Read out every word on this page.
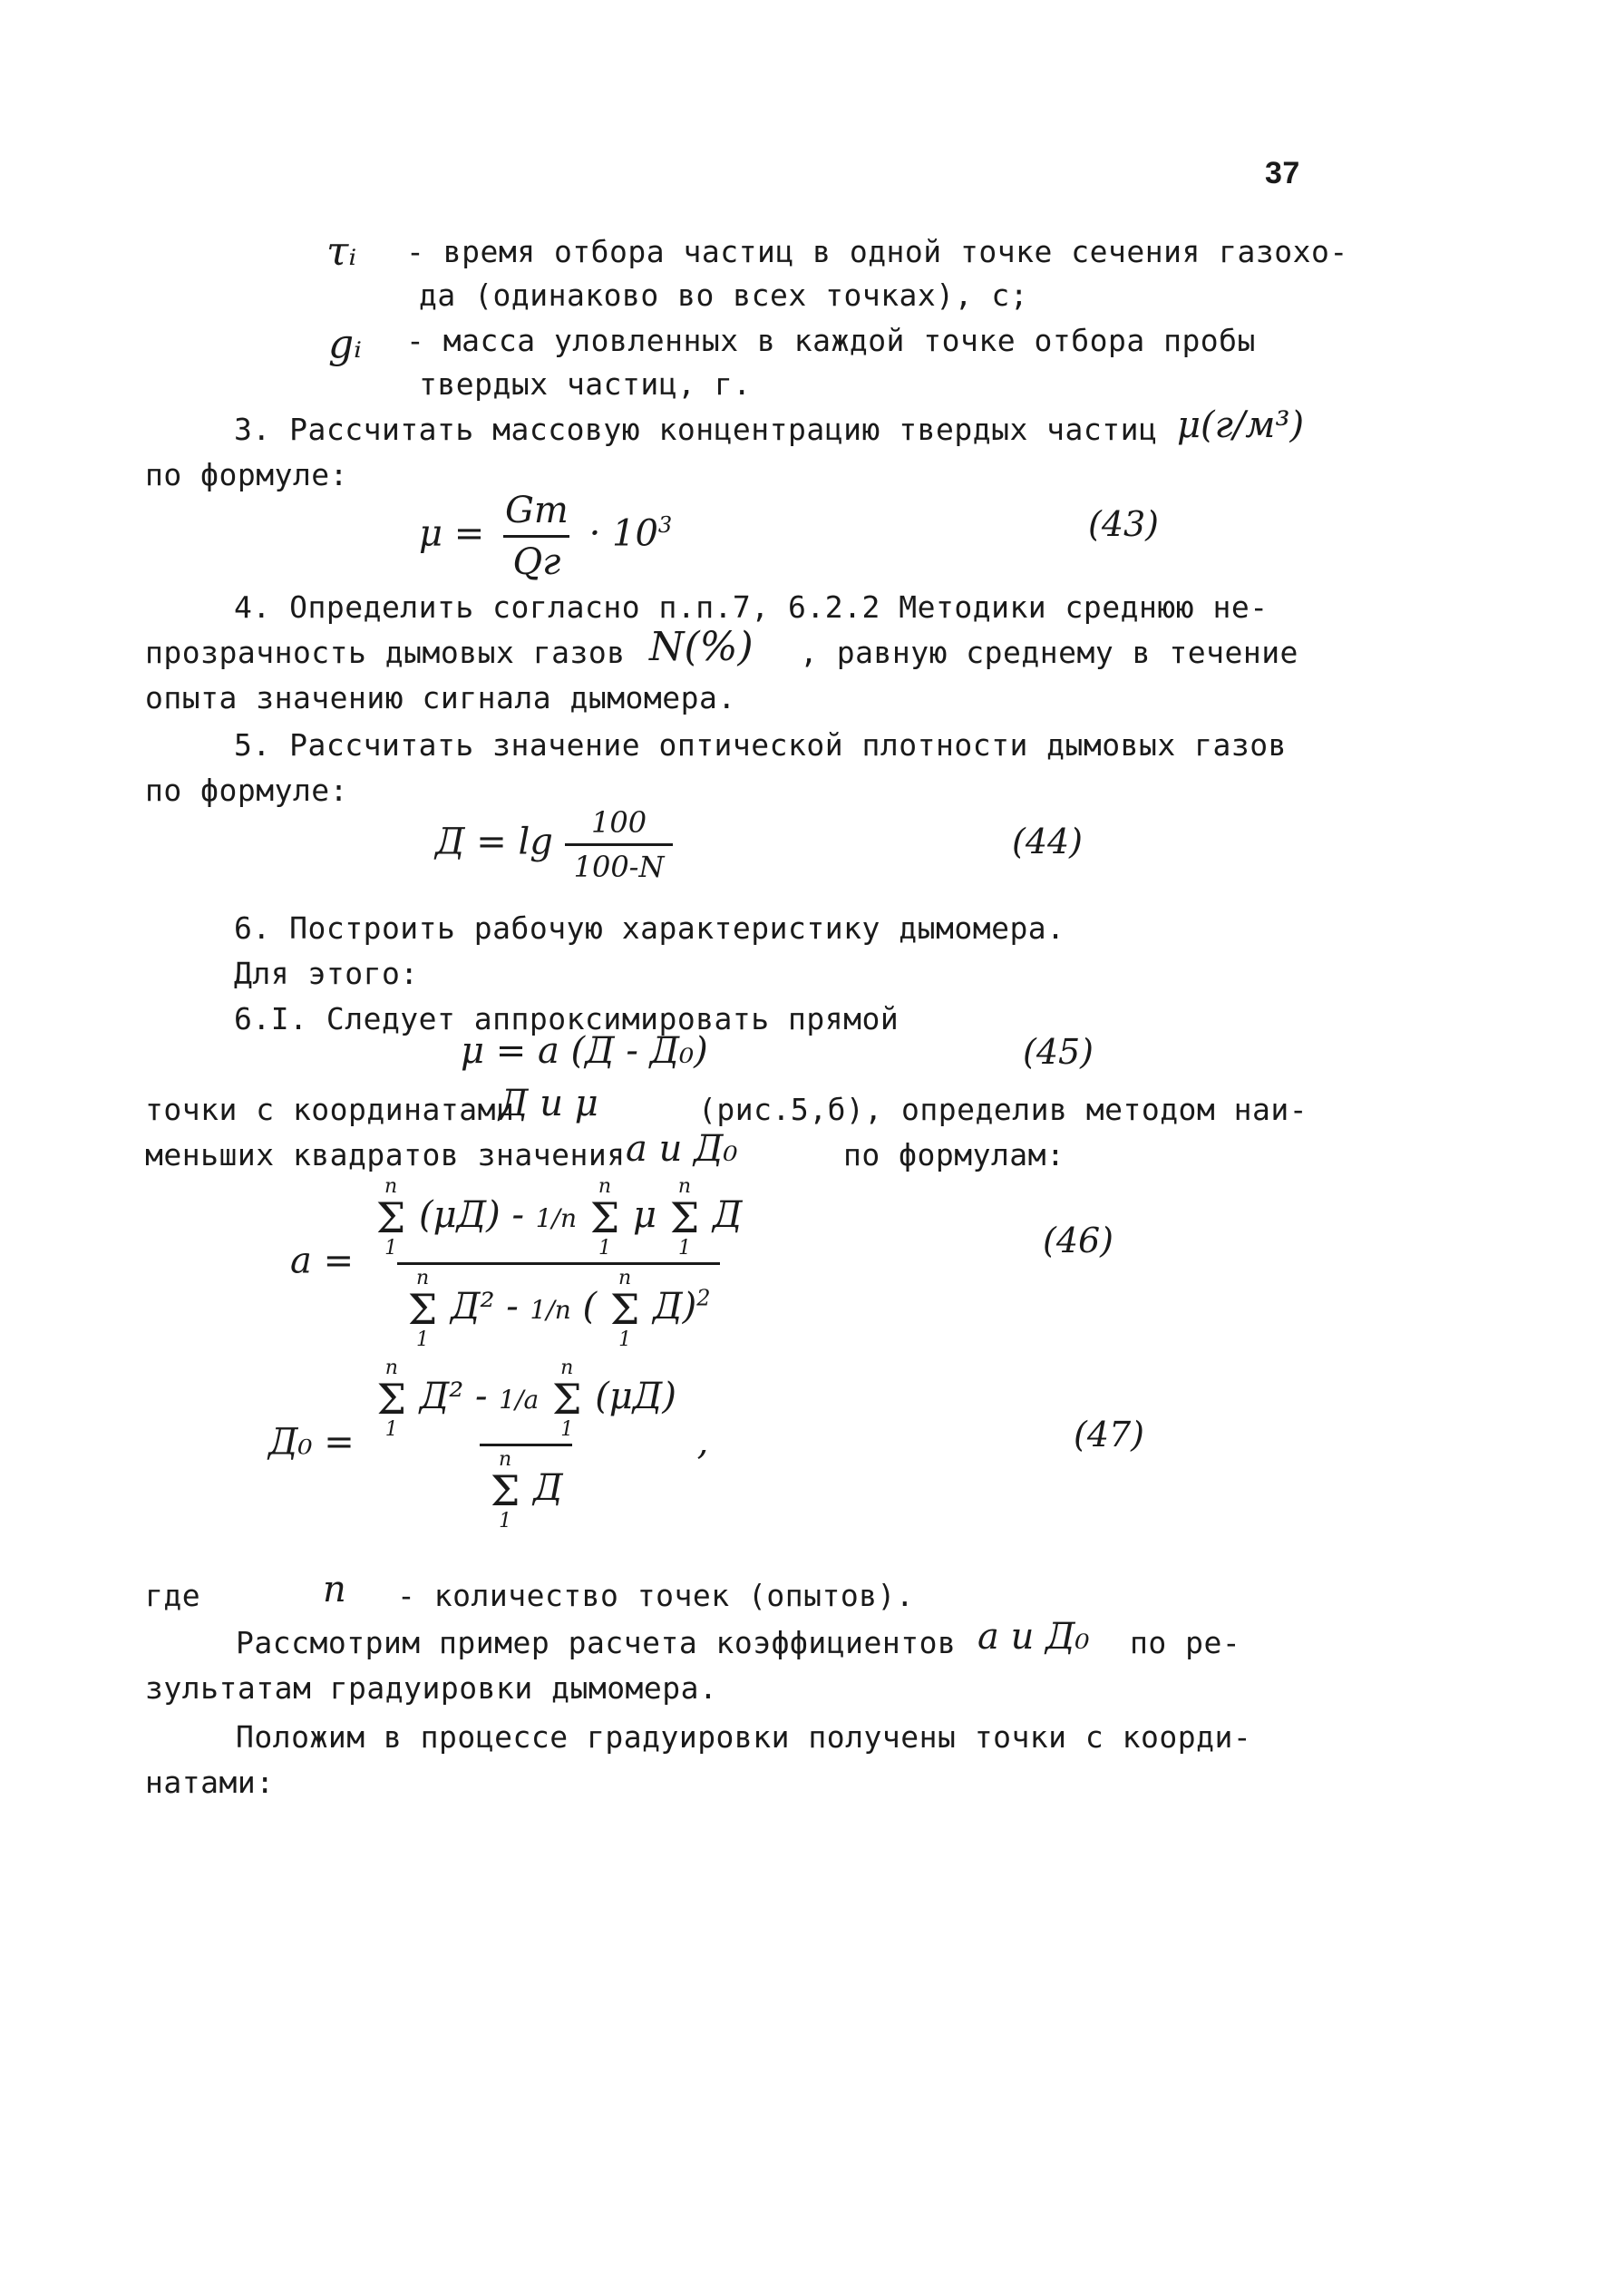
37
τᵢ - время отбора частиц в одной точке сечения газохо-
да (одинаково во всех точках), с;
gᵢ - масса уловленных в каждой точке отбора пробы
твердых частиц, г.
3. Рассчитать массовую концентрацию твердых частиц μ(г/м³)
по формуле:
$\mu = \frac{Gт}{Qг} \cdot 10^3$	(43)
4. Определить согласно п.п.7, 6.2.2 Методики среднюю не-
прозрачность дымовых газов N(%) , равную среднему в течение
опыта значению сигнала дымомера.
5. Рассчитать значение оптической плотности дымовых газов
по формуле:
$Д = \lg \frac{100}{100-N}$	(44)
6. Построить рабочую характеристику дымомера.
Для этого:
6.I. Следует аппроксимировать прямой
μ = a (Д - Д₀)	(45)
точки с координатами
Д и μ	(рис.5,б), определив методом наи-
меньших квадратов значения a и Д₀	по формулам:
a =
n
Σ
1
(μД) - 1/n
n
Σ
1
μ
n
Σ
1
Д
n
Σ
1
Д² - 1/n (
n
Σ
1
Д)$^2$
(46)
Д₀ = n
Σ
1
Д² - 1/a
n
Σ
1
(μД)
n
Σ
1
Д ,	(47)
где	n - количество точек (опытов).
Рассмотрим пример расчета коэффициентов a и Д₀ по ре-
зультатам градуировки дымомера.
Положим в процессе градуировки получены точки с коорди-
натами:
